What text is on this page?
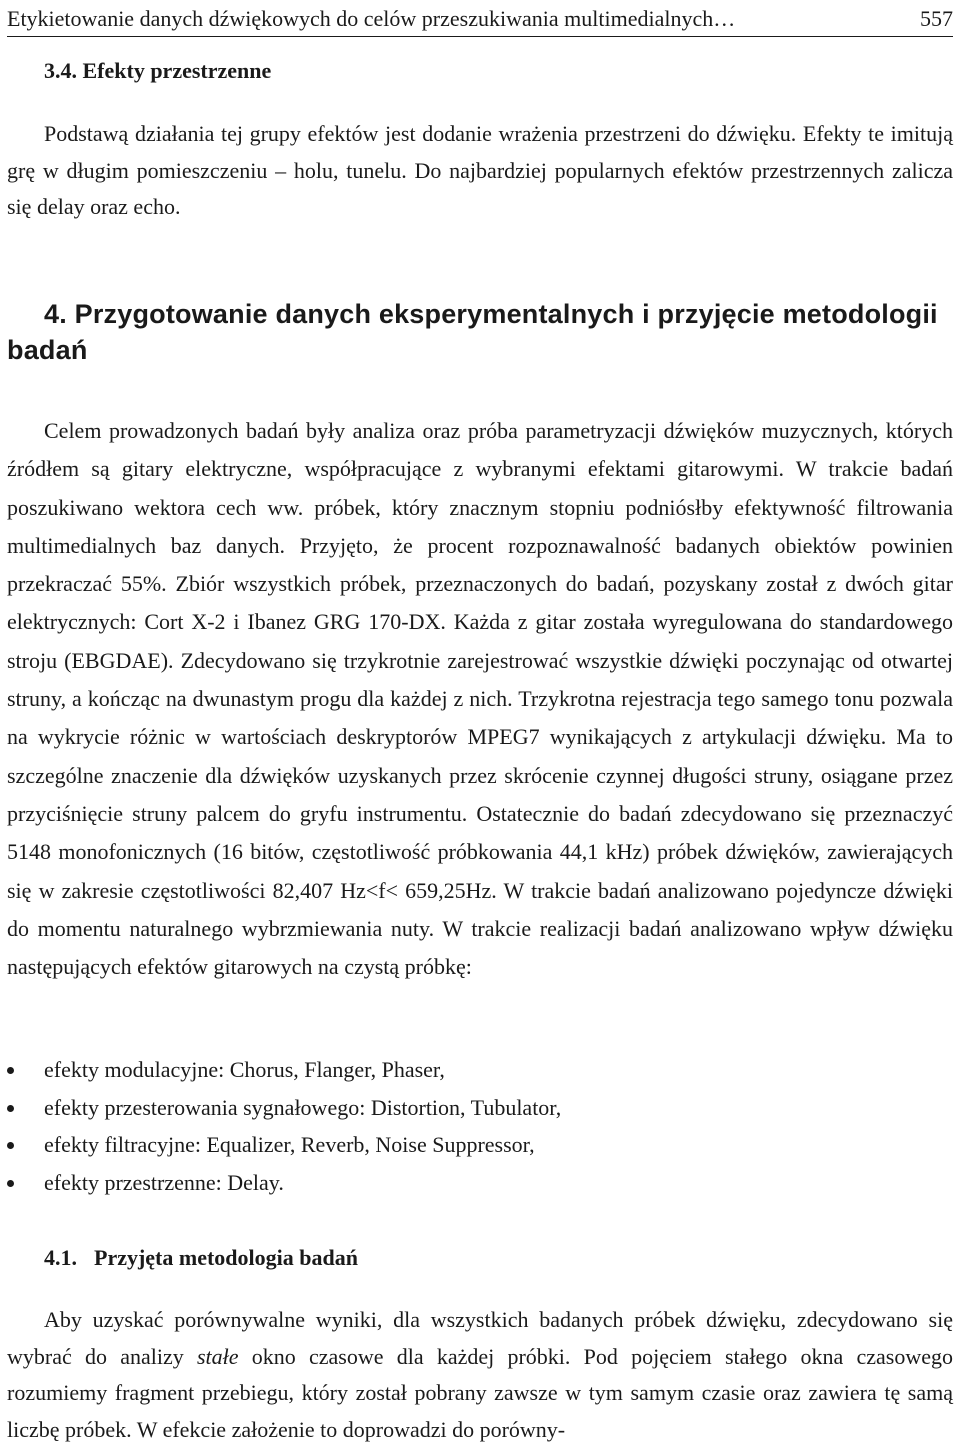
Etykietowanie danych dźwiękowych do celów przeszukiwania multimedialnych…	557
3.4. Efekty przestrzenne

Podstawą działania tej grupy efektów jest dodanie wrażenia przestrzeni do dźwięku. Efekty te imitują grę w długim pomieszczeniu – holu, tunelu. Do najbardziej popularnych efektów przestrzennych zalicza się delay oraz echo.

4. Przygotowanie danych eksperymentalnych i przyjęcie metodologii badań

Celem prowadzonych badań były analiza oraz próba parametryzacji dźwięków muzycznych, których źródłem są gitary elektryczne, współpracujące z wybranymi efektami gitarowymi. W trakcie badań poszukiwano wektora cech ww. próbek, który znacznym stopniu podniósłby efektywność filtrowania multimedialnych baz danych. Przyjęto, że procent rozpoznawalność badanych obiektów powinien przekraczać 55%. Zbiór wszystkich próbek, przeznaczonych do badań, pozyskany został z dwóch gitar elektrycznych: Cort X-2 i Ibanez GRG 170-DX. Każda z gitar została wyregulowana do standardowego stroju (EBGDAE). Zdecydowano się trzykrotnie zarejestrować wszystkie dźwięki poczynając od otwartej struny, a kończąc na dwunastym progu dla każdej z nich. Trzykrotna rejestracja tego samego tonu pozwala na wykrycie różnic w wartościach deskryptorów MPEG7 wynikających z artykulacji dźwięku. Ma to szczególne znaczenie dla dźwięków uzyskanych przez skrócenie czynnej długości struny, osiągane przez przyciśnięcie struny palcem do gryfu instrumentu. Ostatecznie do badań zdecydowano się przeznaczyć 5148 monofonicznych (16 bitów, częstotliwość próbkowania 44,1 kHz) próbek dźwięków, zawierających się w zakresie częstotliwości 82,407 Hz<f< 659,25Hz. W trakcie badań analizowano pojedyncze dźwięki do momentu naturalnego wybrzmiewania nuty. W trakcie realizacji badań analizowano wpływ dźwięku następujących efektów gitarowych na czystą próbkę:

efekty modulacyjne: Chorus, Flanger, Phaser,
efekty przesterowania sygnałowego: Distortion, Tubulator,
efekty filtracyjne: Equalizer, Reverb, Noise Suppressor,
efekty przestrzenne: Delay.
4.1. Przyjęta metodologia badań

Aby uzyskać porównywalne wyniki, dla wszystkich badanych próbek dźwięku, zdecydowano się wybrać do analizy stałe okno czasowe dla każdej próbki. Pod pojęciem stałego okna czasowego rozumiemy fragment przebiegu, który został pobrany zawsze w tym samym czasie oraz zawiera tę samą liczbę próbek. W efekcie założenie to doprowadzi do porówny-
